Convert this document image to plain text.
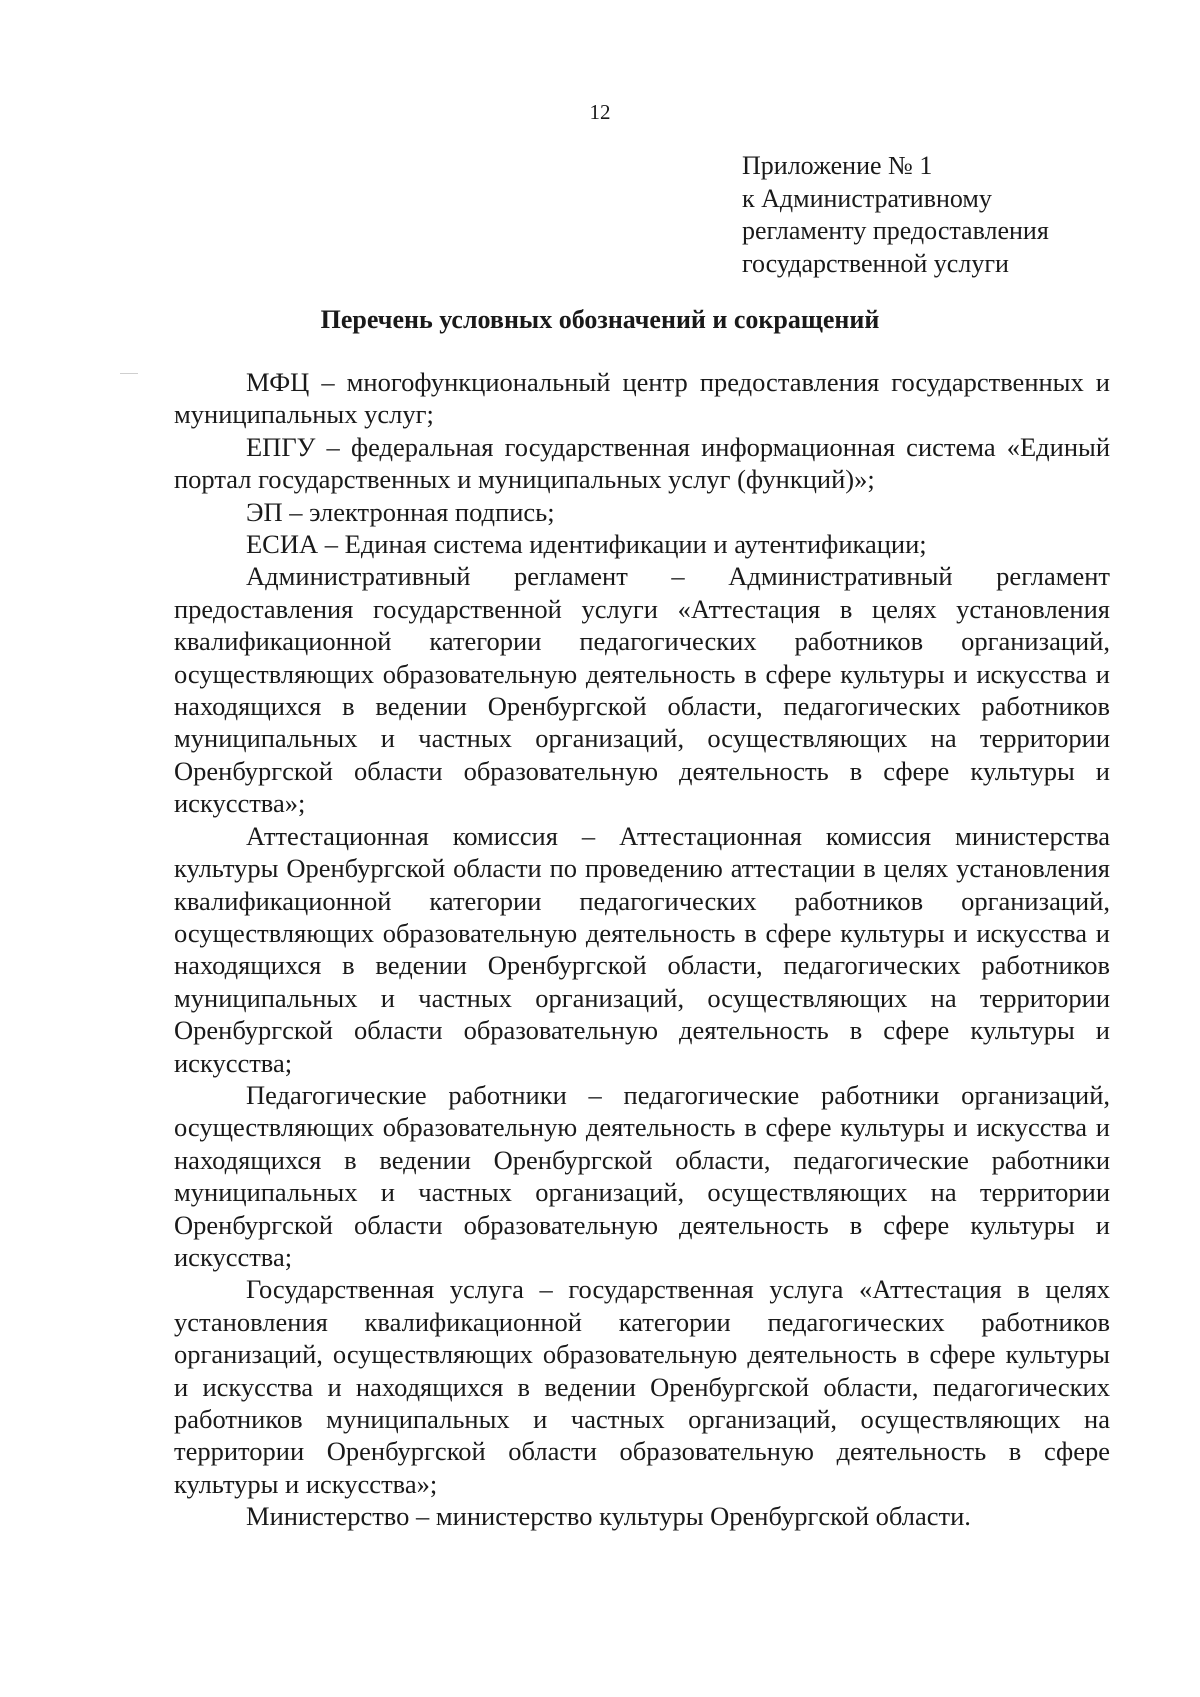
12
Приложение № 1
к Административному
регламенту предоставления
государственной услуги
Перечень условных обозначений и сокращений

МФЦ – многофункциональный центр предоставления государственных и муниципальных услуг;

ЕПГУ – федеральная государственная информационная система «Единый портал государственных и муниципальных услуг (функций)»;

ЭП – электронная подпись;

ЕСИА – Единая система идентификации и аутентификации;

Административный регламент – Административный регламент предоставления государственной услуги «Аттестация в целях установления квалификационной категории педагогических работников организаций, осуществляющих образовательную деятельность в сфере культуры и искусства и находящихся в ведении Оренбургской области, педагогических работников муниципальных и частных организаций, осуществляющих на территории Оренбургской области образовательную деятельность в сфере культуры и искусства»;

Аттестационная комиссия – Аттестационная комиссия министерства культуры Оренбургской области по проведению аттестации в целях установления квалификационной категории педагогических работников организаций, осуществляющих образовательную деятельность в сфере культуры и искусства и находящихся в ведении Оренбургской области, педагогических работников муниципальных и частных организаций, осуществляющих на территории Оренбургской области образовательную деятельность в сфере культуры и искусства;

Педагогические работники – педагогические работники организаций, осуществляющих образовательную деятельность в сфере культуры и искусства и находящихся в ведении Оренбургской области, педагогические работники муниципальных и частных организаций, осуществляющих на территории Оренбургской области образовательную деятельность в сфере культуры и искусства;

Государственная услуга – государственная услуга «Аттестация в целях установления квалификационной категории педагогических работников организаций, осуществляющих образовательную деятельность в сфере культуры и искусства и находящихся в ведении Оренбургской области, педагогических работников муниципальных и частных организаций, осуществляющих на территории Оренбургской области образовательную деятельность в сфере культуры и искусства»;

Министерство – министерство культуры Оренбургской области.
